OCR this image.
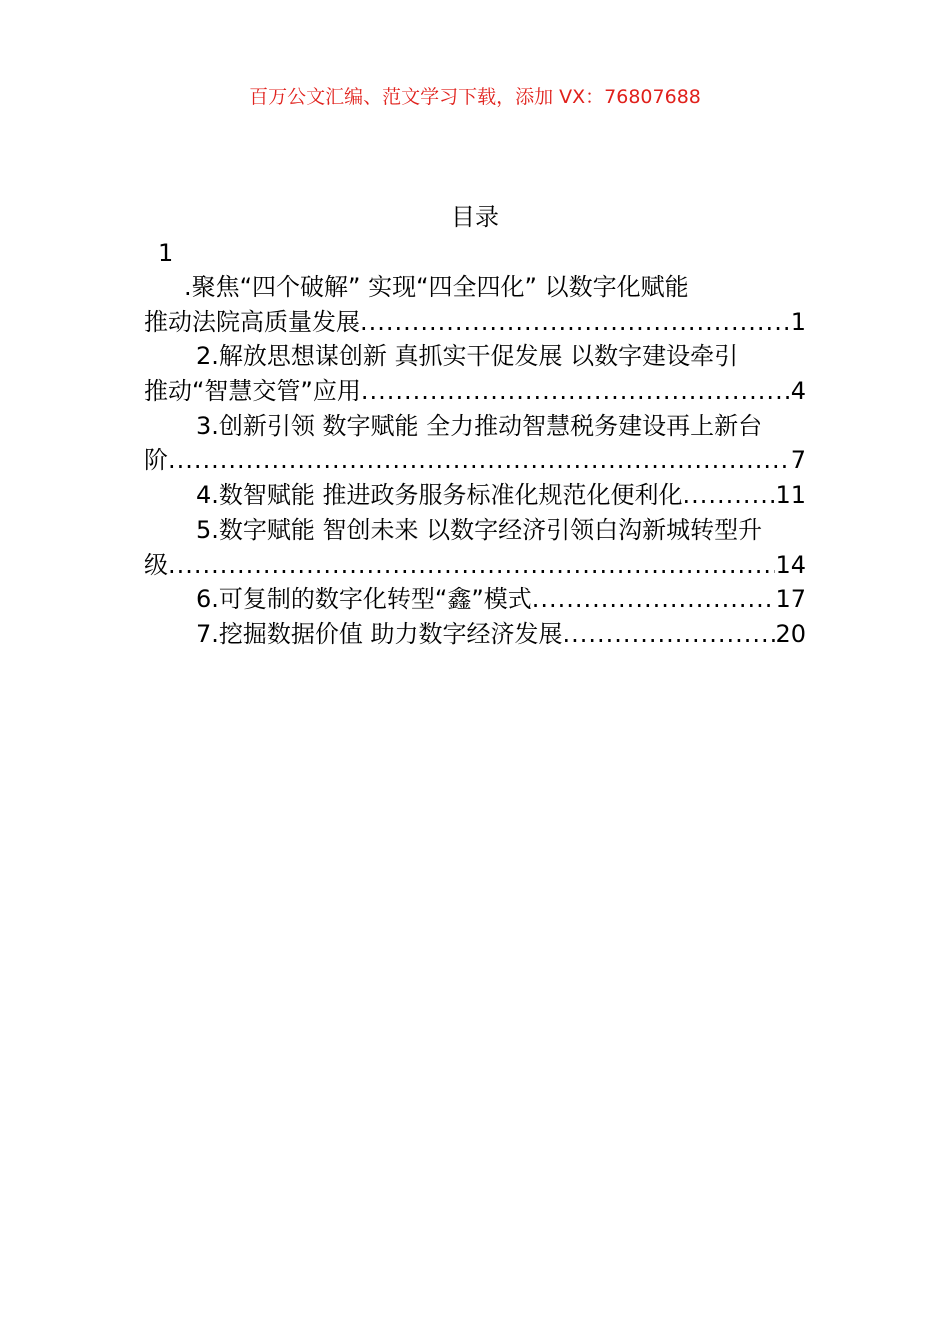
百万公文汇编、范文学习下载，添加 VX：76807688
目录
1
.聚焦“四个破解” 实现“四全四化” 以数字化赋能
推动法院高质量发展 .....	1
2.解放思想谋创新 真抓实干促发展 以数字建设牵引
推动“智慧交管”应用 .....	4
3.创新引领 数字赋能 全力推动智慧税务建设再上新台
阶 .....	7
4.数智赋能 推进政务服务标准化规范化便利化 .....	11
5.数字赋能 智创未来 以数字经济引领白沟新城转型升
级 .....	14
6.可复制的数字化转型“鑫”模式 .....	17
7.挖掘数据价值 助力数字经济发展 .....	20
